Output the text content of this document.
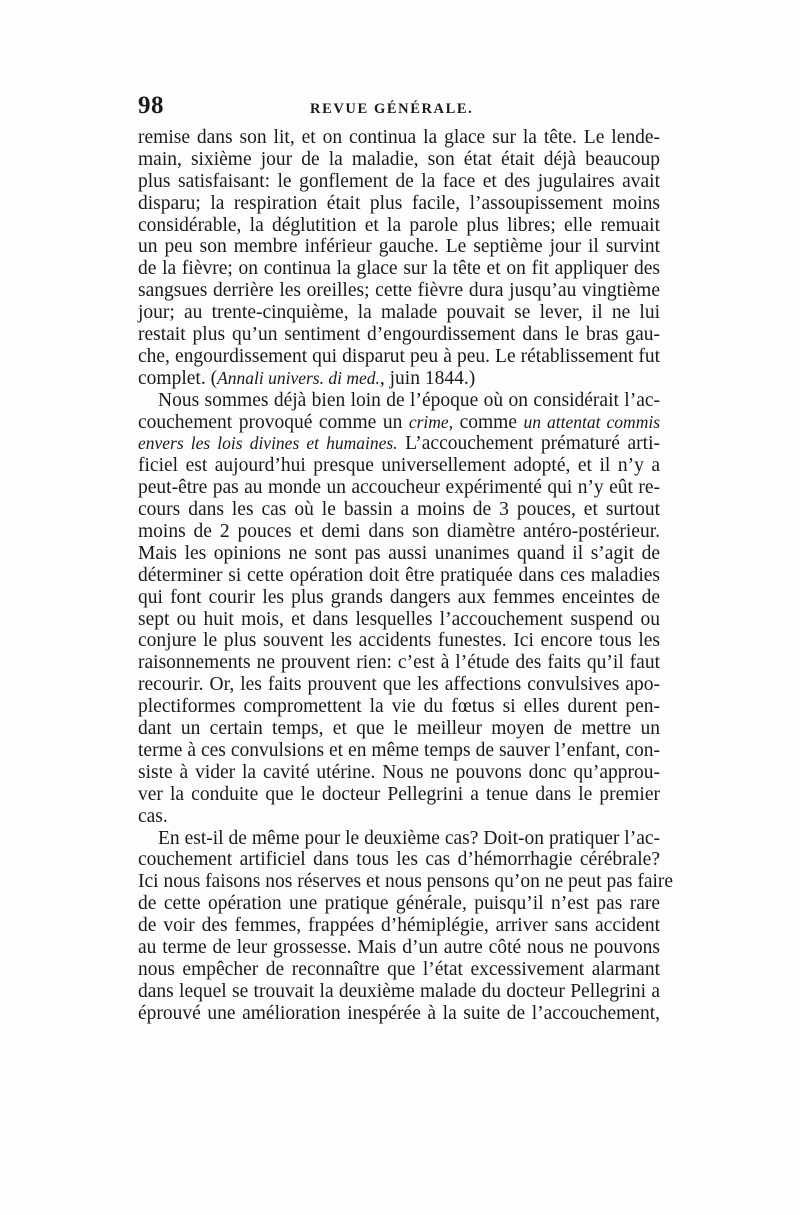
98	REVUE GÉNÉRALE.
remise dans son lit, et on continua la glace sur la tête. Le lende-
main, sixième jour de la maladie, son état était déjà beaucoup
plus satisfaisant: le gonflement de la face et des jugulaires avait
disparu; la respiration était plus facile, l’assoupissement moins
considérable, la déglutition et la parole plus libres; elle remuait
un peu son membre inférieur gauche. Le septième jour il survint
de la fièvre; on continua la glace sur la tête et on fit appliquer des
sangsues derrière les oreilles; cette fièvre dura jusqu’au vingtième
jour; au trente-cinquième, la malade pouvait se lever, il ne lui
restait plus qu’un sentiment d’engourdissement dans le bras gau-
che, engourdissement qui disparut peu à peu. Le rétablissement fut
complet. (Annali univers. di med., juin 1844.)
Nous sommes déjà bien loin de l’époque où on considérait l’ac-
couchement provoqué comme un crime, comme un attentat commis
envers les lois divines et humaines. L’accouchement prématuré arti-
ficiel est aujourd’hui presque universellement adopté, et il n’y a
peut-être pas au monde un accoucheur expérimenté qui n’y eût re-
cours dans les cas où le bassin a moins de 3 pouces, et surtout
moins de 2 pouces et demi dans son diamètre antéro-postérieur.
Mais les opinions ne sont pas aussi unanimes quand il s’agit de
déterminer si cette opération doit être pratiquée dans ces maladies
qui font courir les plus grands dangers aux femmes enceintes de
sept ou huit mois, et dans lesquelles l’accouchement suspend ou
conjure le plus souvent les accidents funestes. Ici encore tous les
raisonnements ne prouvent rien: c’est à l’étude des faits qu’il faut
recourir. Or, les faits prouvent que les affections convulsives apo-
plectiformes compromettent la vie du fœtus si elles durent pen-
dant un certain temps, et que le meilleur moyen de mettre un
terme à ces convulsions et en même temps de sauver l’enfant, con-
siste à vider la cavité utérine. Nous ne pouvons donc qu’approu-
ver la conduite que le docteur Pellegrini a tenue dans le premier
cas.
En est-il de même pour le deuxième cas? Doit-on pratiquer l’ac-
couchement artificiel dans tous les cas d’hémorrhagie cérébrale?
Ici nous faisons nos réserves et nous pensons qu’on ne peut pas faire
de cette opération une pratique générale, puisqu’il n’est pas rare
de voir des femmes, frappées d’hémiplégie, arriver sans accident
au terme de leur grossesse. Mais d’un autre côté nous ne pouvons
nous empêcher de reconnaître que l’état excessivement alarmant
dans lequel se trouvait la deuxième malade du docteur Pellegrini a
éprouvé une amélioration inespérée à la suite de l’accouchement,
